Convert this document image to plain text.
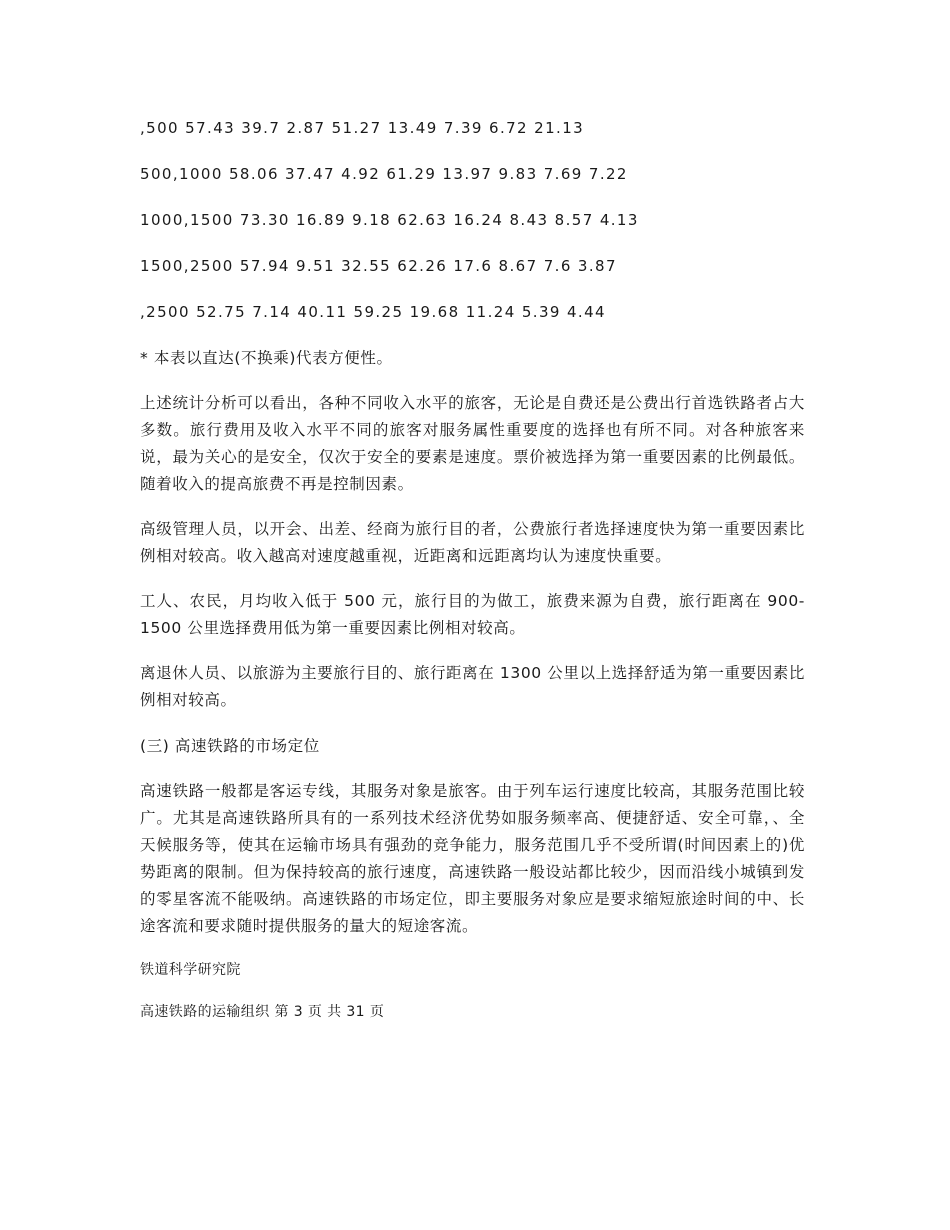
,500 57.43 39.7 2.87 51.27 13.49 7.39 6.72 21.13
500,1000 58.06 37.47 4.92 61.29 13.97 9.83 7.69 7.22
1000,1500 73.30 16.89 9.18 62.63 16.24 8.43 8.57 4.13
1500,2500 57.94 9.51 32.55 62.26 17.6 8.67 7.6 3.87
,2500 52.75 7.14 40.11 59.25 19.68 11.24 5.39 4.44

* 本表以直达(不换乘)代表方便性。

上述统计分析可以看出，各种不同收入水平的旅客，无论是自费还是公费出行首选铁路者占大多数。旅行费用及收入水平不同的旅客对服务属性重要度的选择也有所不同。对各种旅客来说，最为关心的是安全，仅次于安全的要素是速度。票价被选择为第一重要因素的比例最低。随着收入的提高旅费不再是控制因素。

高级管理人员，以开会、出差、经商为旅行目的者，公费旅行者选择速度快为第一重要因素比例相对较高。收入越高对速度越重视，近距离和远距离均认为速度快重要。

工人、农民，月均收入低于 500 元，旅行目的为做工，旅费来源为自费，旅行距离在 900-1500 公里选择费用低为第一重要因素比例相对较高。

离退休人员、以旅游为主要旅行目的、旅行距离在 1300 公里以上选择舒适为第一重要因素比例相对较高。

(三) 高速铁路的市场定位

高速铁路一般都是客运专线，其服务对象是旅客。由于列车运行速度比较高，其服务范围比较广。尤其是高速铁路所具有的一系列技术经济优势如服务频率高、便捷舒适、安全可靠，、全天候服务等，使其在运输市场具有强劲的竞争能力，服务范围几乎不受所谓(时间因素上的)优势距离的限制。但为保持较高的旅行速度，高速铁路一般设站都比较少，因而沿线小城镇到发的零星客流不能吸纳。高速铁路的市场定位，即主要服务对象应是要求缩短旅途时间的中、长途客流和要求随时提供服务的量大的短途客流。

铁道科学研究院

高速铁路的运输组织 第 3 页 共 31 页
